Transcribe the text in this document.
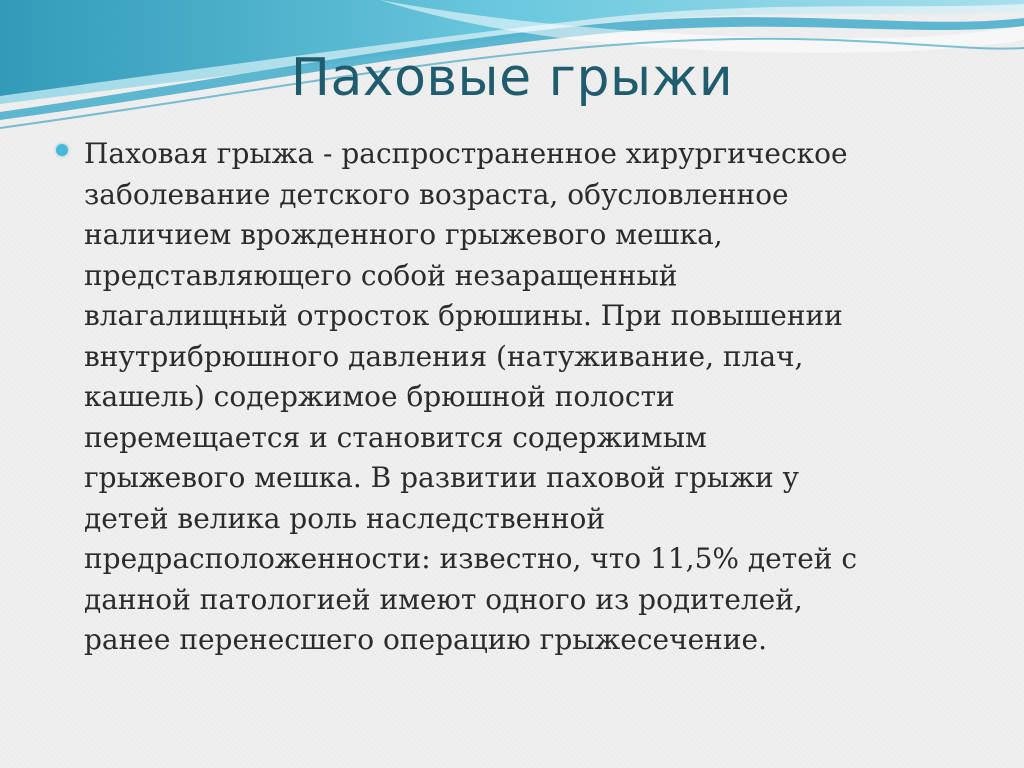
Паховые грыжи

Паховая грыжа - распространенное хирургическое
заболевание детского возраста, обусловленное
наличием врожденного грыжевого мешка,
представляющего собой незаращенный
влагалищный отросток брюшины. При повышении
внутрибрюшного давления (натуживание, плач,
кашель) содержимое брюшной полости
перемещается и становится содержимым
грыжевого мешка. В развитии паховой грыжи у
детей велика роль наследственной
предрасположенности: известно, что 11,5% детей с
данной патологией имеют одного из родителей,
ранее перенесшего операцию грыжесечение.
